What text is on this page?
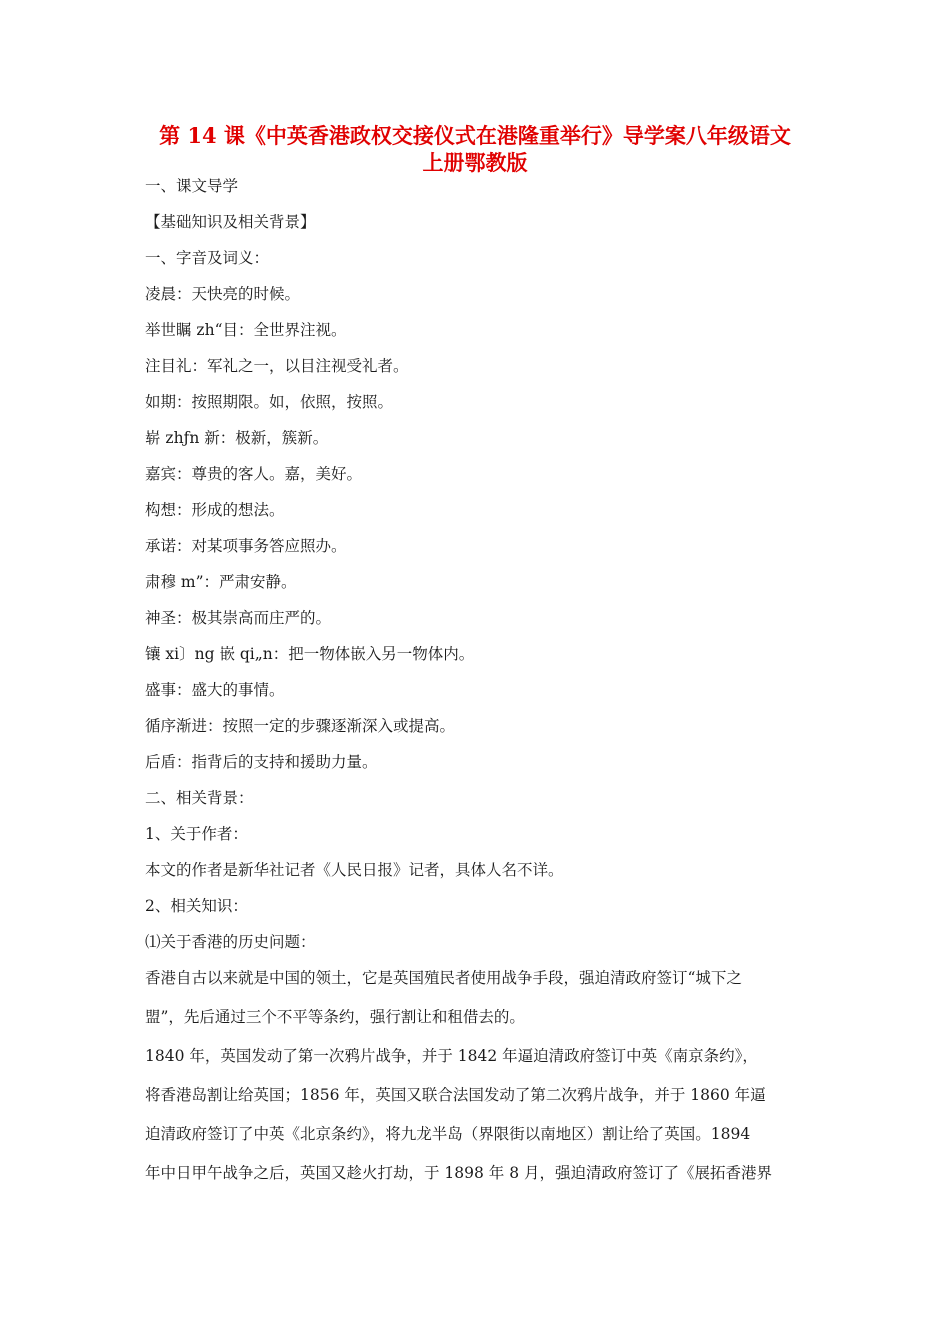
第 14 课《中英香港政权交接仪式在港隆重举行》导学案八年级语文
上册鄂教版
一、课文导学
【基础知识及相关背景】
一、字音及词义：
凌晨：天快亮的时候。
举世瞩 zh“目：全世界注视。
注目礼：军礼之一，以目注视受礼者。
如期：按照期限。如，依照，按照。
崭 zhƒn 新：极新，簇新。
嘉宾：尊贵的客人。嘉，美好。
构想：形成的想法。
承诺：对某项事务答应照办。
肃穆 m”：严肃安静。
神圣：极其崇高而庄严的。
镶 xi〕ng 嵌 qi„n：把一物体嵌入另一物体内。
盛事：盛大的事情。
循序渐进：按照一定的步骤逐渐深入或提高。
后盾：指背后的支持和援助力量。
二、相关背景：
1、关于作者：
本文的作者是新华社记者《人民日报》记者，具体人名不详。
2、相关知识：
⑴关于香港的历史问题：
香港自古以来就是中国的领土，它是英国殖民者使用战争手段，强迫清政府签订“城下之
盟”，先后通过三个不平等条约，强行割让和租借去的。
1840 年，英国发动了第一次鸦片战争，并于 1842 年逼迫清政府签订中英《南京条约》，
将香港岛割让给英国；1856 年，英国又联合法国发动了第二次鸦片战争，并于 1860 年逼
迫清政府签订了中英《北京条约》，将九龙半岛（界限街以南地区）割让给了英国。1894
年中日甲午战争之后，英国又趁火打劫，于 1898 年 8 月，强迫清政府签订了《展拓香港界
